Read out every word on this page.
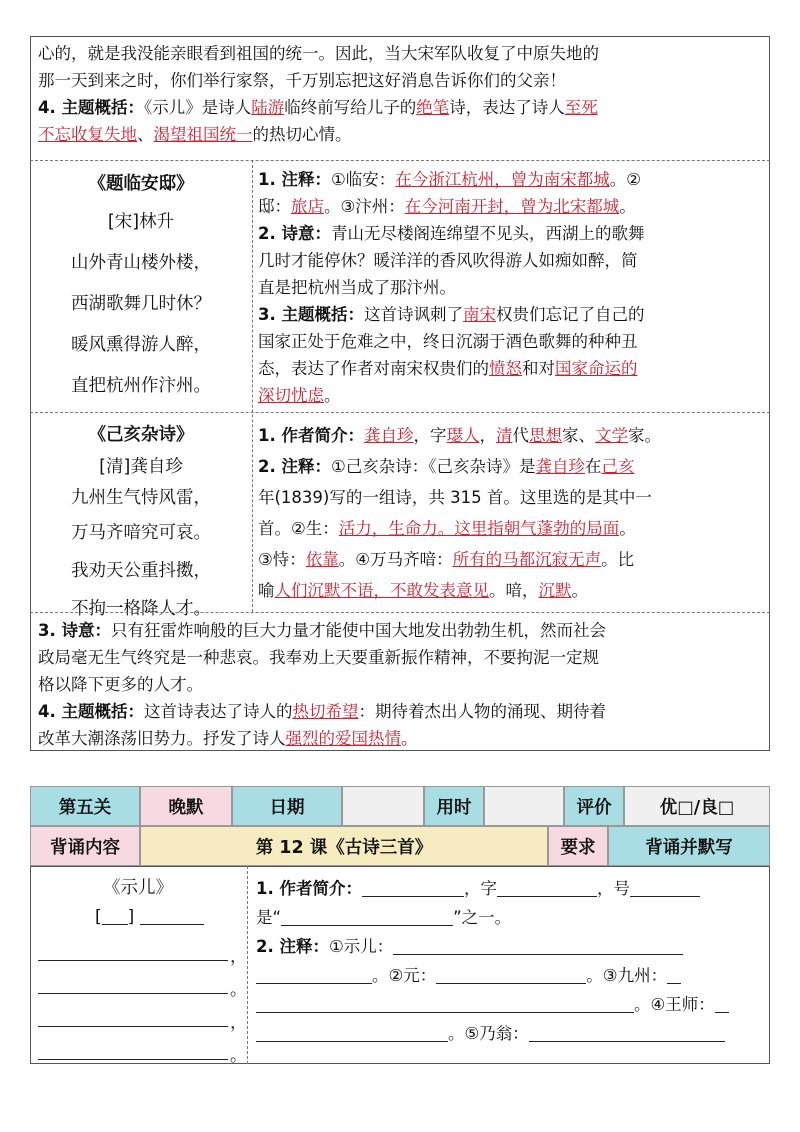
心的，就是我没能亲眼看到祖国的统一。因此，当大宋军队收复了中原失地的
那一天到来之时，你们举行家祭，千万别忘把这好消息告诉你们的父亲！
4. 主题概括：《示儿》是诗人陆游临终前写给儿子的绝笔诗，表达了诗人至死
不忘收复失地、渴望祖国统一的热切心情。
《题临安邸》
[宋]林升
山外青山楼外楼，
西湖歌舞几时休？
暖风熏得游人醉，
直把杭州作汴州。
1. 注释：①临安：在今浙江杭州，曾为南宋都城。②
邸：旅店。③汴州：在今河南开封，曾为北宋都城。
2. 诗意：青山无尽楼阁连绵望不见头，西湖上的歌舞
几时才能停休？暖洋洋的香风吹得游人如痴如醉，简
直是把杭州当成了那汴州。
3. 主题概括：这首诗讽刺了南宋权贵们忘记了自己的
国家正处于危难之中，终日沉溺于酒色歌舞的种种丑
态，表达了作者对南宋权贵们的愤怒和对国家命运的
深切忧虑。
《己亥杂诗》
[清]龚自珍
九州生气恃风雷，
万马齐喑究可哀。
我劝天公重抖擞，
不拘一格降人才。
1. 作者简介：龚自珍，字璱人，清代思想家、文学家。
2. 注释：①己亥杂诗：《己亥杂诗》是龚自珍在己亥
年(1839)写的一组诗，共 315 首。这里选的是其中一
首。②生：活力，生命力。这里指朝气蓬勃的局面。
③恃：依靠。④万马齐喑：所有的马都沉寂无声。比
喻人们沉默不语，不敢发表意见。喑，沉默。
3. 诗意：只有狂雷炸响般的巨大力量才能使中国大地发出勃勃生机，然而社会
政局毫无生气终究是一种悲哀。我奉劝上天要重新振作精神，不要拘泥一定规
格以降下更多的人才。
4. 主题概括：这首诗表达了诗人的热切希望：期待着杰出人物的涌现、期待着
改革大潮涤荡旧势力。抒发了诗人强烈的爱国热情。
第五关	晚默	日期	用时	评价	优□/良□
背诵内容	第 12 课《古诗三首》	要求	背诵并默写
《示儿》
[ ]
，
。
，
。
1. 作者简介：	，字	，号
是“	”之一。
2. 注释：①示儿：
。②元：	。③九州：
。④王师：
。⑤乃翁：
